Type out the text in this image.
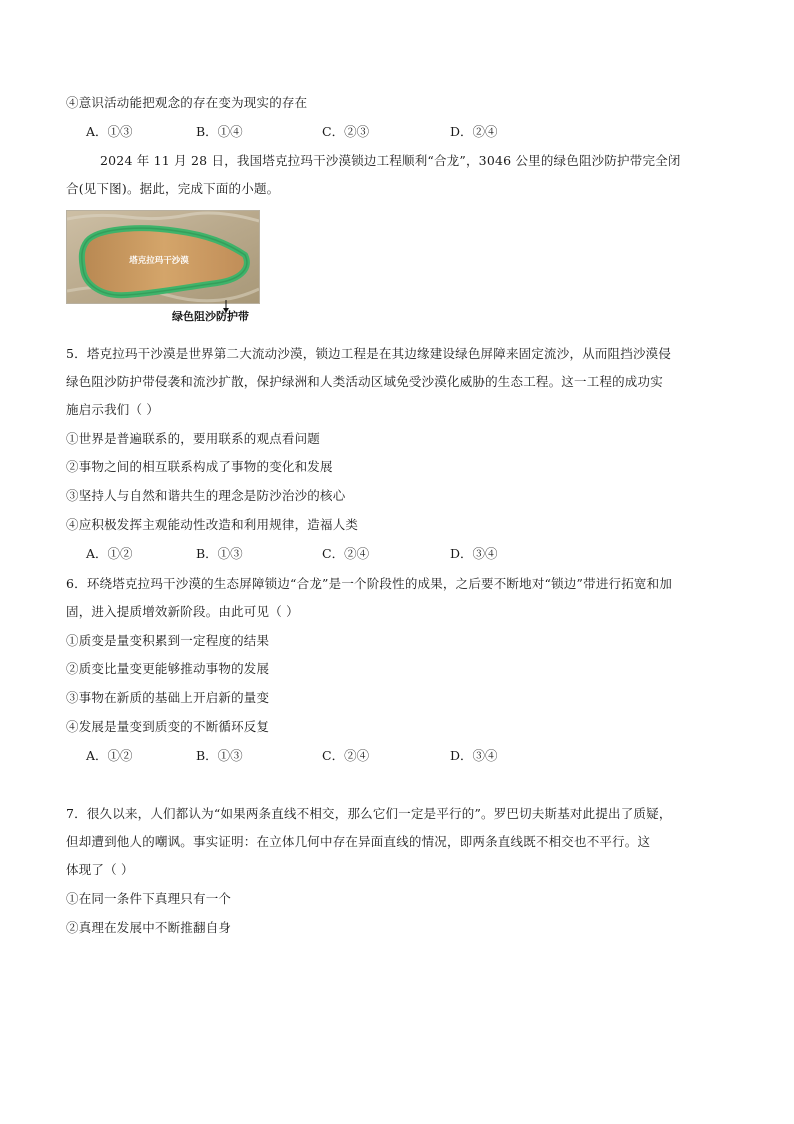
④意识活动能把观念的存在变为现实的存在
A．①③	B．①④	C．②③	D．②④
2024 年 11 月 28 日，我国塔克拉玛干沙漠锁边工程顺利“合龙”，3046 公里的绿色阻沙防护带完全闭
合(见下图)。据此，完成下面的小题。
塔克拉玛干沙漠
绿色阻沙防护带
5．塔克拉玛干沙漠是世界第二大流动沙漠，锁边工程是在其边缘建设绿色屏障来固定流沙，从而阻挡沙漠侵
绿色阻沙防护带侵袭和流沙扩散，保护绿洲和人类活动区域免受沙漠化威胁的生态工程。这一工程的成功实
施启示我们（ ）
①世界是普遍联系的，要用联系的观点看问题
②事物之间的相互联系构成了事物的变化和发展
③坚持人与自然和谐共生的理念是防沙治沙的核心
④应积极发挥主观能动性改造和利用规律，造福人类
A．①②	B．①③	C．②④	D．③④
6．环绕塔克拉玛干沙漠的生态屏障锁边“合龙”是一个阶段性的成果，之后要不断地对“锁边”带进行拓宽和加
固，进入提质增效新阶段。由此可见（ ）
①质变是量变积累到一定程度的结果
②质变比量变更能够推动事物的发展
③事物在新质的基础上开启新的量变
④发展是量变到质变的不断循环反复
A．①②	B．①③	C．②④	D．③④
7．很久以来，人们都认为“如果两条直线不相交，那么它们一定是平行的”。罗巴切夫斯基对此提出了质疑，
但却遭到他人的嘲讽。事实证明：在立体几何中存在异面直线的情况，即两条直线既不相交也不平行。这
体现了（ ）
①在同一条件下真理只有一个
②真理在发展中不断推翻自身
